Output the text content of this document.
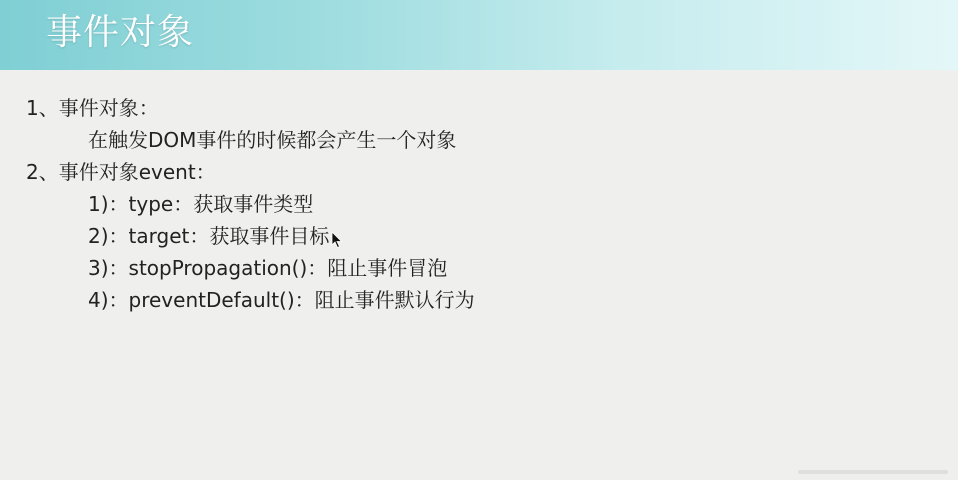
事件对象
1、事件对象：
在触发DOM事件的时候都会产生一个对象
2、事件对象event：
1)：type：获取事件类型
2)：target：获取事件目标
3)：stopPropagation()：阻止事件冒泡
4)：preventDefault()：阻止事件默认行为
